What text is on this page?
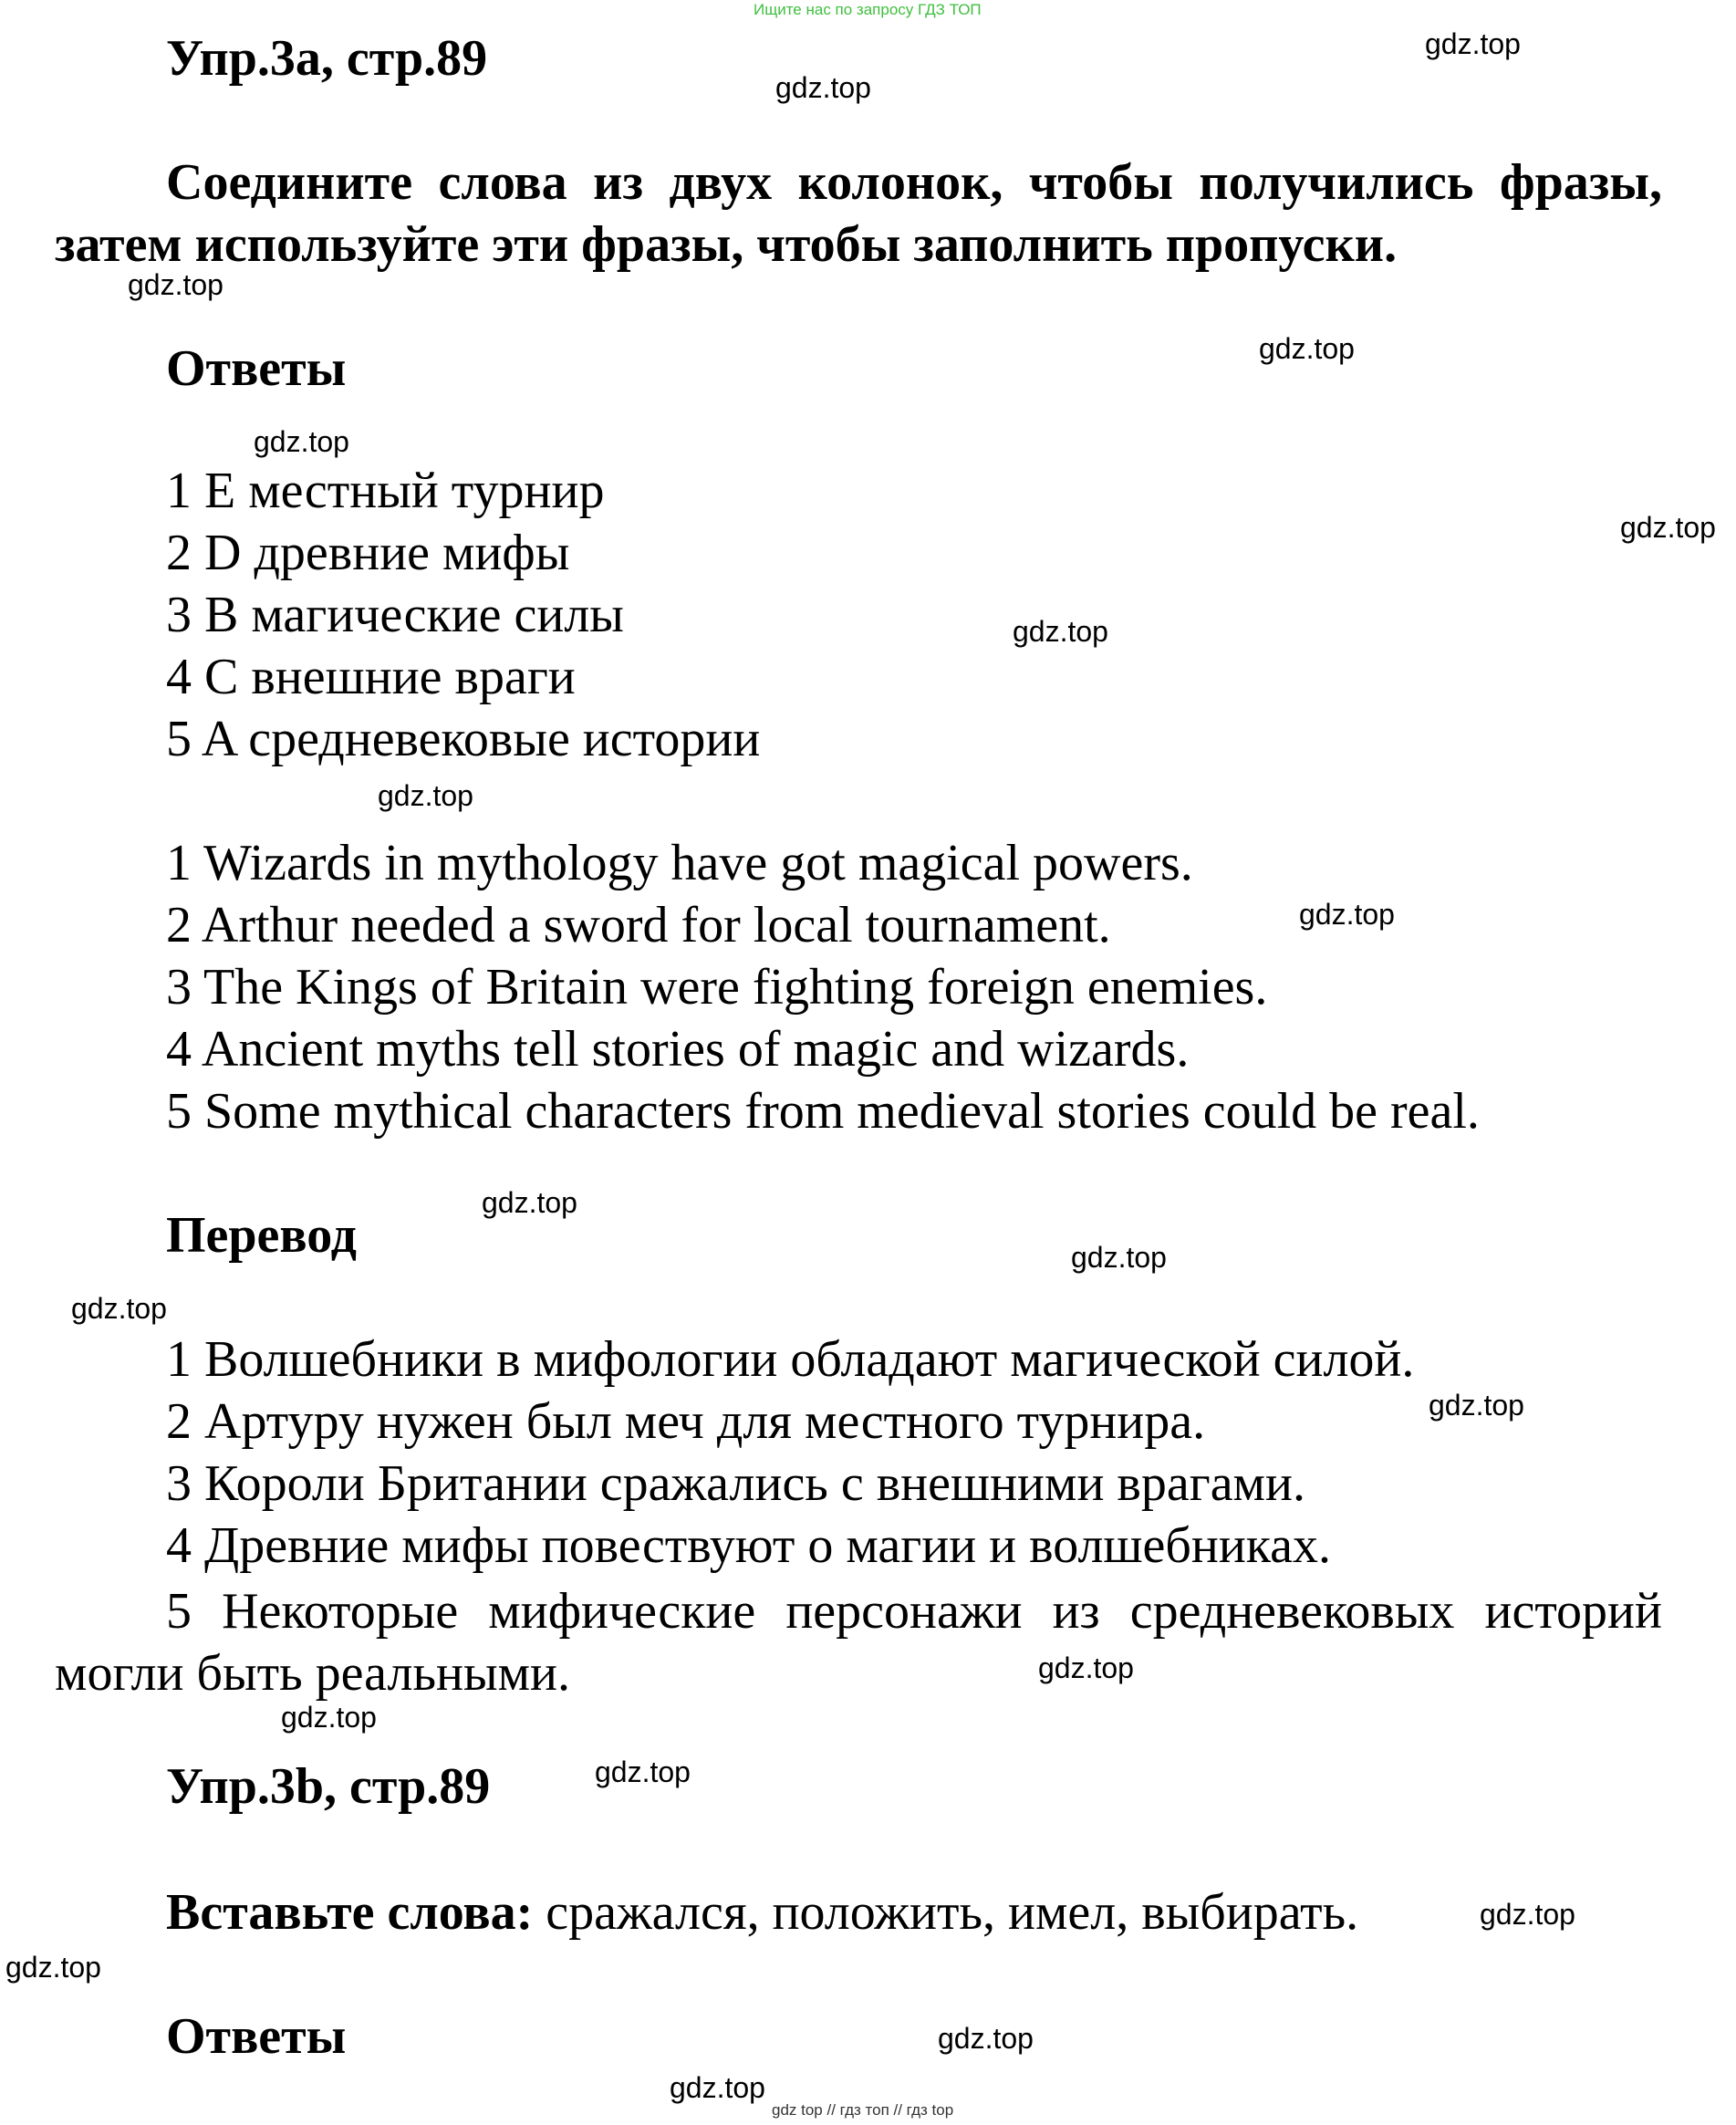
Ищите нас по запросу ГДЗ ТОП
Упр.3а, стр.89
Соедините слова из двух колонок, чтобы получились фразы, затем используйте эти фразы, чтобы заполнить пропуски.
Ответы
1 E местный турнир
2 D древние мифы
3 B магические силы
4 C внешние враги
5 A средневековые истории
1 Wizards in mythology have got magical powers.
2 Arthur needed a sword for local tournament.
3 The Kings of Britain were fighting foreign enemies.
4 Ancient myths tell stories of magic and wizards.
5 Some mythical characters from medieval stories could be real.
Перевод
1 Волшебники в мифологии обладают магической силой.
2 Артуру нужен был меч для местного турнира.
3 Короли Британии сражались с внешними врагами.
4 Древние мифы повествуют о магии и волшебниках.
5 Некоторые мифические персонажи из средневековых историй могли быть реальными.
Упр.3b, стр.89
Вставьте слова: сражался, положить, имел, выбирать.
Ответы
gdz.top
gdz.top
gdz.top
gdz.top
gdz.top
gdz.top
gdz.top
gdz.top
gdz.top
gdz.top
gdz.top
gdz.top
gdz.top
gdz.top
gdz.top
gdz.top
gdz.top
gdz.top
gdz.top
gdz.top
gdz top // гдз топ // гдз top
